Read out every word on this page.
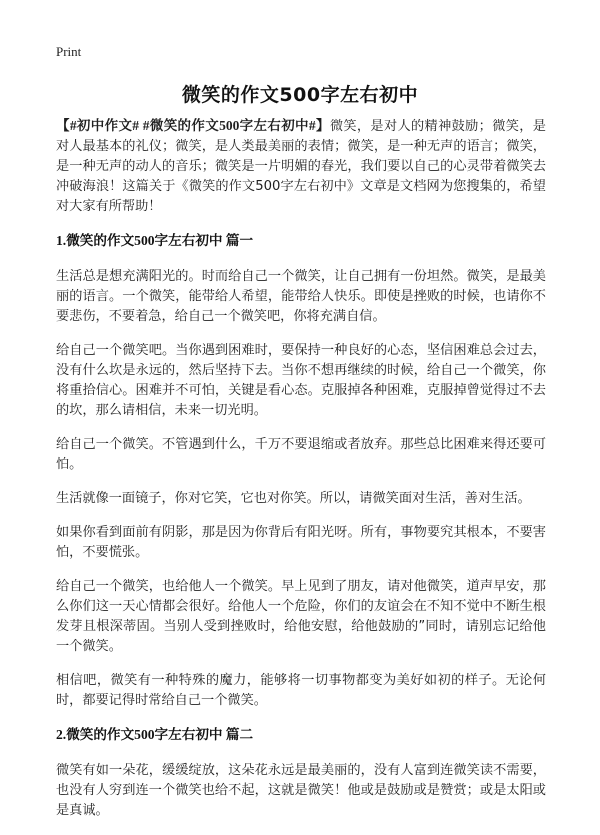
Print
微笑的作文500字左右初中

【#初中作文# #微笑的作文500字左右初中#】微笑，是对人的精神鼓励；微笑，是对人最基本的礼仪；微笑，是人类最美丽的表情；微笑，是一种无声的语言；微笑，是一种无声的动人的音乐；微笑是一片明媚的春光，我们要以自己的心灵带着微笑去冲破海浪！这篇关于《微笑的作文500字左右初中》文章是文档网为您搜集的，希望对大家有所帮助！

1.微笑的作文500字左右初中 篇一

生活总是想充满阳光的。时而给自己一个微笑，让自己拥有一份坦然。微笑，是最美丽的语言。一个微笑，能带给人希望，能带给人快乐。即使是挫败的时候，也请你不要悲伤，不要着急，给自己一个微笑吧，你将充满自信。

给自己一个微笑吧。当你遇到困难时，要保持一种良好的心态，坚信困难总会过去，没有什么坎是永远的，然后坚持下去。当你不想再继续的时候，给自己一个微笑，你将重拾信心。困难并不可怕，关键是看心态。克服掉各种困难，克服掉曾觉得过不去的坎，那么请相信，未来一切光明。

给自己一个微笑。不管遇到什么，千万不要退缩或者放弃。那些总比困难来得还要可怕。

生活就像一面镜子，你对它笑，它也对你笑。所以，请微笑面对生活，善对生活。

如果你看到面前有阴影，那是因为你背后有阳光呀。所有，事物要究其根本，不要害怕，不要慌张。

给自己一个微笑，也给他人一个微笑。早上见到了朋友，请对他微笑，道声早安，那么你们这一天心情都会很好。给他人一个危险，你们的友谊会在不知不觉中不断生根发芽且根深蒂固。当别人受到挫败时，给他安慰，给他鼓励的”同时，请别忘记给他一个微笑。

相信吧，微笑有一种特殊的魔力，能够将一切事物都变为美好如初的样子。无论何时，都要记得时常给自己一个微笑。

2.微笑的作文500字左右初中 篇二

微笑有如一朵花，缓缓绽放，这朵花永远是最美丽的，没有人富到连微笑读不需要，也没有人穷到连一个微笑也给不起，这就是微笑！他或是鼓励或是赞赏；或是太阳或是真诚。
